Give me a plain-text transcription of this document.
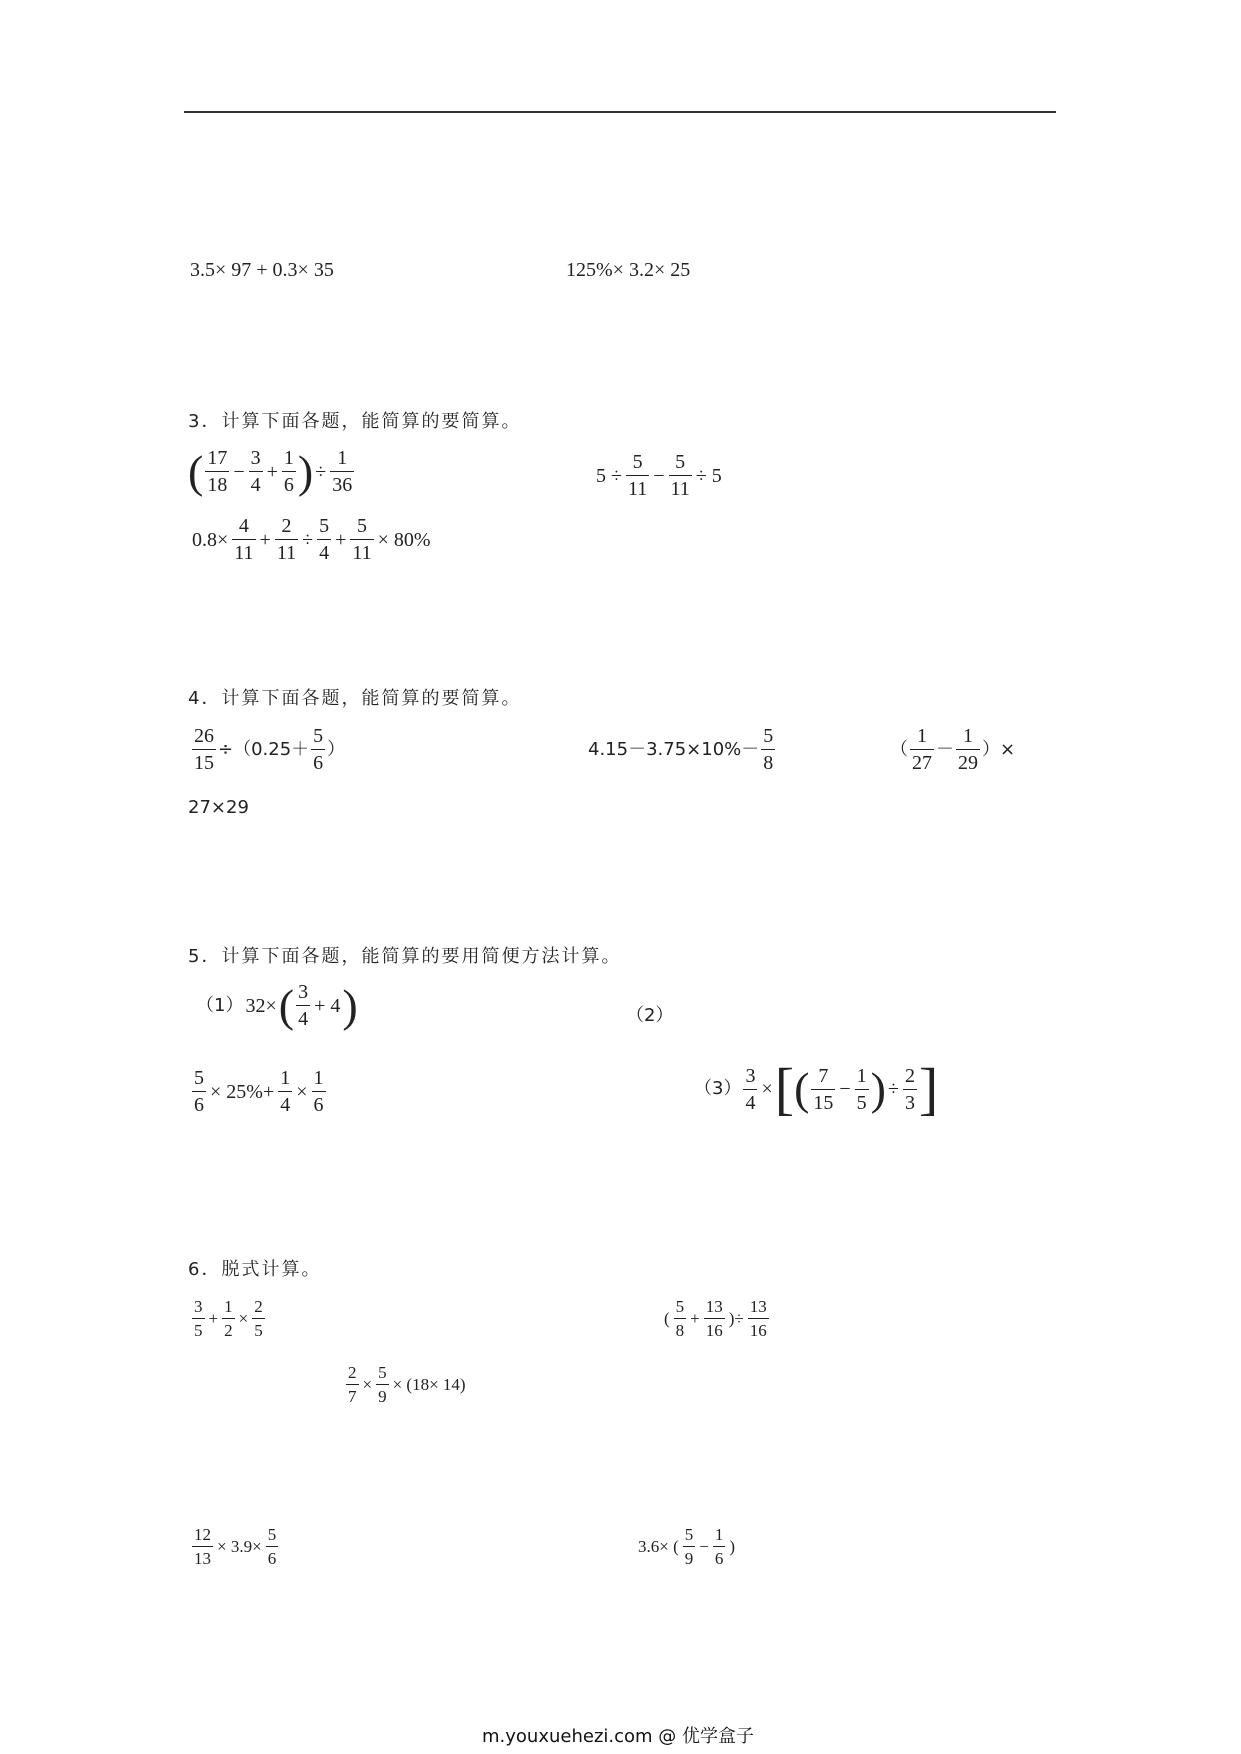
3.5× 97 + 0.3× 35	125%× 3.2× 25
3．计算下面各题，能简算的要简算。
( $\frac{17}{18} - \frac{3}{4} + \frac{1}{6}$ ) ÷ $\frac{1}{36}$	$5 \div \frac{5}{11} - \frac{5}{11} \div 5$
$0.8\times \frac{4}{11} + \frac{2}{11} \div \frac{5}{4} + \frac{5}{11} \times 80\%$
4．计算下面各题，能简算的要简算。
$\frac{26}{15} \div(0.25+ \frac{5}{6}$ ）	$4.15-3.75\times 10\%- \frac{5}{8}$	（ $\frac{1}{27} - \frac{1}{29}$ ）×
27×29
5．计算下面各题，能简算的要用简便方法计算。
（1） 32× ( $\frac{3}{4} + 4$ )	（2）
$\frac{5}{6} \times 25\%+ \frac{1}{4} \times \frac{1}{6}$	$(3) \frac{3}{4}$ × [ ( $\frac{7}{15} - \frac{1}{5}$ ) ÷ $\frac{2}{3}$ ]
6．脱式计算。
$\frac{3}{5} + \frac{1}{2} \times \frac{2}{5}$	( $\frac{5}{8} + \frac{13}{16}$ )÷ $\frac{13}{16}$
$\frac{2}{7} \times \frac{5}{9} \times (18\times 14)$
$\frac{12}{13} \times 3.9\times \frac{5}{6}$	3.6× ( $\frac{5}{9} - \frac{1}{6}$ )
m.youxuehezi.com @ 优学盒子
